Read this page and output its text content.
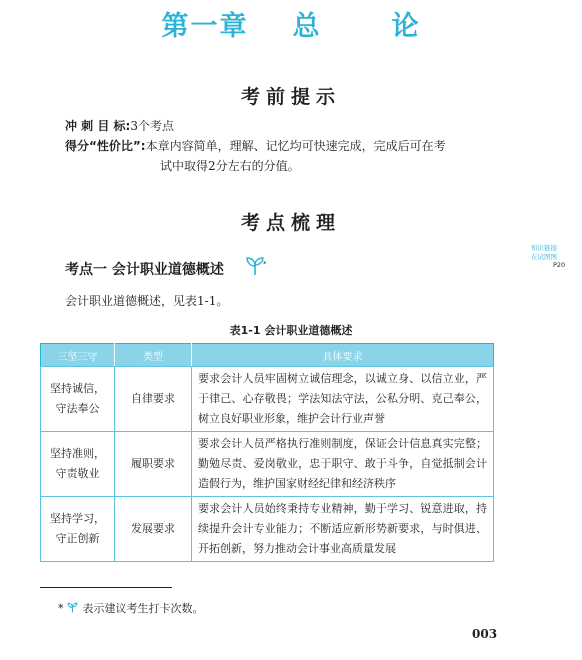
第一章 总	论
考前提示
冲 刺 目 标:3个考点
得分“性价比”:本章内容简单，理解、记忆均可快速完成，完成后可在考
试中取得2分左右的分值。
考点梳理
知识链接
在试图图
P20
考点一 会计职业道德概述	*
会计职业道德概述，见表1-1。
表1-1 会计职业道德概述
三坚三守	类型	具体要求
坚持诚信，
守法奉公	自律要求	要求会计人员牢固树立诚信理念，以诚立身、以信立业，严于律己、心存敬畏；学法知法守法，公私分明、克己奉公，树立良好职业形象，维护会计行业声誉
坚持准则，
守责敬业	履职要求	要求会计人员严格执行准则制度，保证会计信息真实完整；勤勉尽责、爱岗敬业，忠于职守、敢于斗争，自觉抵制会计造假行为，维护国家财经纪律和经济秩序
坚持学习，
守正创新	发展要求	要求会计人员始终秉持专业精神，勤于学习、锐意进取，持续提升会计专业能力；不断适应新形势新要求，与时俱进、开拓创新，努力推动会计事业高质量发展
* 表示建议考生打卡次数。
003
